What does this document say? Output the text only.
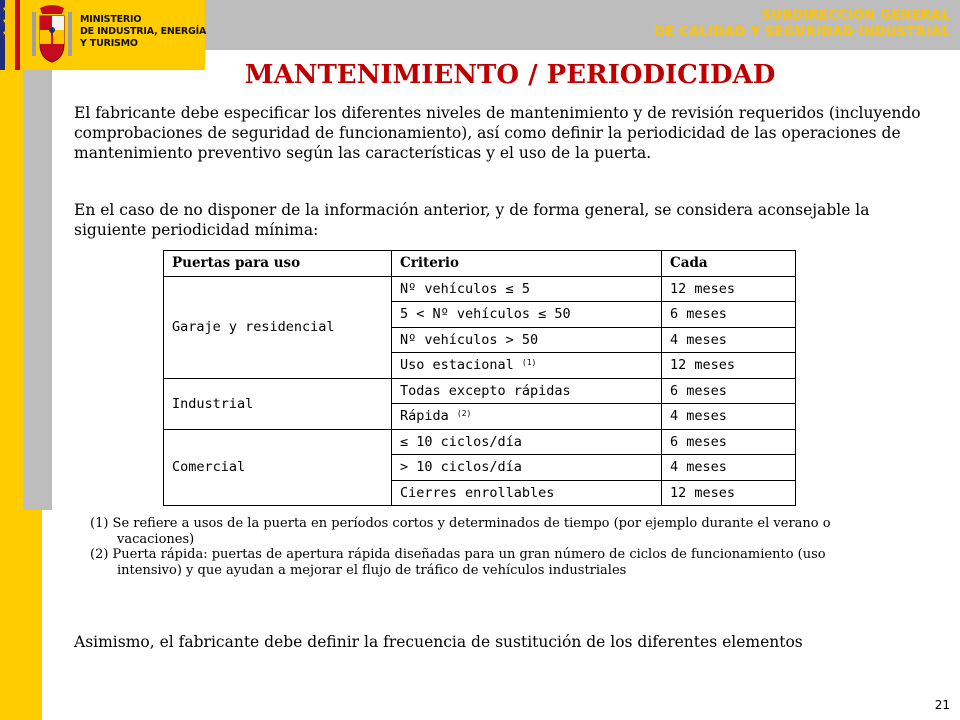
★
★
★
MINISTERIO
DE INDUSTRIA, ENERGÍA
Y TURISMO
SUBDIRECCIÓN GENERAL
DE CALIDAD Y SEGURIDAD INDUSTRIAL
MANTENIMIENTO / PERIODICIDAD
El fabricante debe especificar los diferentes niveles de mantenimiento y de revisión requeridos (incluyendo comprobaciones de seguridad de funcionamiento), así como definir la periodicidad de las operaciones de mantenimiento preventivo según las características y el uso de la puerta.
En el caso de no disponer de la información anterior, y de forma general, se considera aconsejable la siguiente periodicidad mínima:
Puertas para uso	Criterio	Cada
Garaje y residencial	Nº vehículos ≤ 5	12 meses
	5 < Nº vehículos ≤ 50	6 meses
	Nº vehículos > 50	4 meses
	Uso estacional $^{(1)}$	12 meses
Industrial	Todas excepto rápidas	6 meses
	Rápida $^{(2)}$	4 meses
Comercial	≤ 10 ciclos/día	6 meses
	> 10 ciclos/día	4 meses
	Cierres enrollables	12 meses
(1) Se refiere a usos de la puerta en períodos cortos y determinados de tiempo (por ejemplo durante el verano o vacaciones)
(2) Puerta rápida: puertas de apertura rápida diseñadas para un gran número de ciclos de funcionamiento (uso intensivo) y que ayudan a mejorar el flujo de tráfico de vehículos industriales
Asimismo, el fabricante debe definir la frecuencia de sustitución de los diferentes elementos
21
